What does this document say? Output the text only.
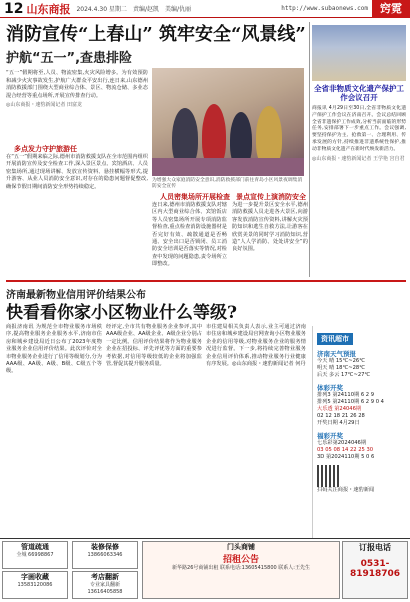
12 山东商报 2024.4.30 星期二 责编/赵凯 美编/仇丽	http://www.subaonews.com	窍霓
消防宣传“上春山” 筑牢安全“风景线”
护航“五一”,查患排险

“五一”假期将至,人员、物流密集,火灾风险增多。为有效预防和减少火灾事故发生,护航广大群众平安出行,连日来,山东德州消防救援部门围绕大型商业综合体、景区、物流仓储、多业态混合经营等重点场所,开展宣传排查行动。

◎山东商报・速豹新闻记者 田富龙

为增强大众家庭消防安全意识,消防救援部门前往青岛小区风景夜调集消防安全宣传
多点发力守护旅游任
在“五一”假期来临之际,德州市消防救援支队在全市范围内组织开展消防宣传及安全检查工作,深入景区景点、宾馆酒店、人员密集场所,通过现场讲解、发放宣传资料、悬挂横幅等形式,提升游客、从业人员消防安全意识,对存在的隐患问题督促整改,确保节假日期间消防安全形势持续稳定。
人员密集场所开展检查
连日来,德州市消防救援支队对辖区内大型商业综合体、宾馆饭店等人员密集场所开展专项消防监督检查,重点检查消防设施器材是否完好有效、疏散通道是否畅通、安全出口是否锁闭、员工消防安全培训是否落实等情况,对检查中发现的问题隐患,责令场所立即整改。
景点宣传上演消防安全
为进一步提升景区安全水平,德州消防救援人员走进各大景区,向游客发放消防宣传资料,讲解火灾预防知识和逃生自救方法,让游客在欣赏美景的同时学习消防知识,营造“人人学消防、处处讲安全”的良好氛围。
全省非物质文化遗产保护工作会议召开

商报讯 4月29日至30日,全省非物质文化遗产保护工作会议在济南召开。会议总结回顾全省非遗保护工作成效,分析当前面临的形势任务,安排部署下一步重点工作。会议强调,要坚持保护为主、抢救第一、合理利用、传承发展的方针,持续推进非遗系统性保护,推动非物质文化遗产在新时代焕发新活力。

◎山东商报・速豹新闻记者 王学艳 宫自君

济南最新物业信用评价结果公布
快看看你家小区物业什么等级?
商报济南讯 为规范全市物业服务市场秩序,提高物业服务企业服务水平,济南市住房和城乡建设局近日公布了2023年度物业服务企业信用评价结果。此次评价对全市物业服务企业进行了信用等级划分,分为AAA级、AA级、A级、B级、C级五个等级。
经评定,全市共有物业服务企业参评,其中AAA级企业、AA级企业、A级企业分别占一定比例。信用评价结果将作为物业服务企业在招投标、评先评优等方面的重要参考依据,对信用等级较低的企业将加强监管,督促其提升服务质量。
市住建局相关负责人表示,业主可通过济南市住房和城乡建设局官网查询小区物业服务企业的信用等级,对物业服务企业的服务情况进行监督。下一步,将持续完善物业服务企业信用评价体系,推动物业服务行业健康有序发展。◎山东商报・速豹新闻记者 何丹
资讯超市
济南天气预报
今天 晴 15℃~26℃
明天 晴 18℃~28℃
后天 多云 17℃~27℃
体彩开奖
排列3 第24110期 6 2 9
排列5 第24110期 6 2 9 0 4
大乐透 第24046期
02 12 18 21 26 28
开奖日期 4月29日
福彩开奖
七乐彩第2024046期
03 05 08 14 22 25 30
3D 第2024110期 5 0 6
扫码关注商报・速豹新闻
管道疏通
全城 66998867
字画收藏
13583120086
装修保修
13866063346
考店翻新
专业家具翻新 13616405858
门头商铺
招租公告
新华路26号商铺出租 联系电话:13605415800 联系人:王先生
订报电话
0531-81918706
